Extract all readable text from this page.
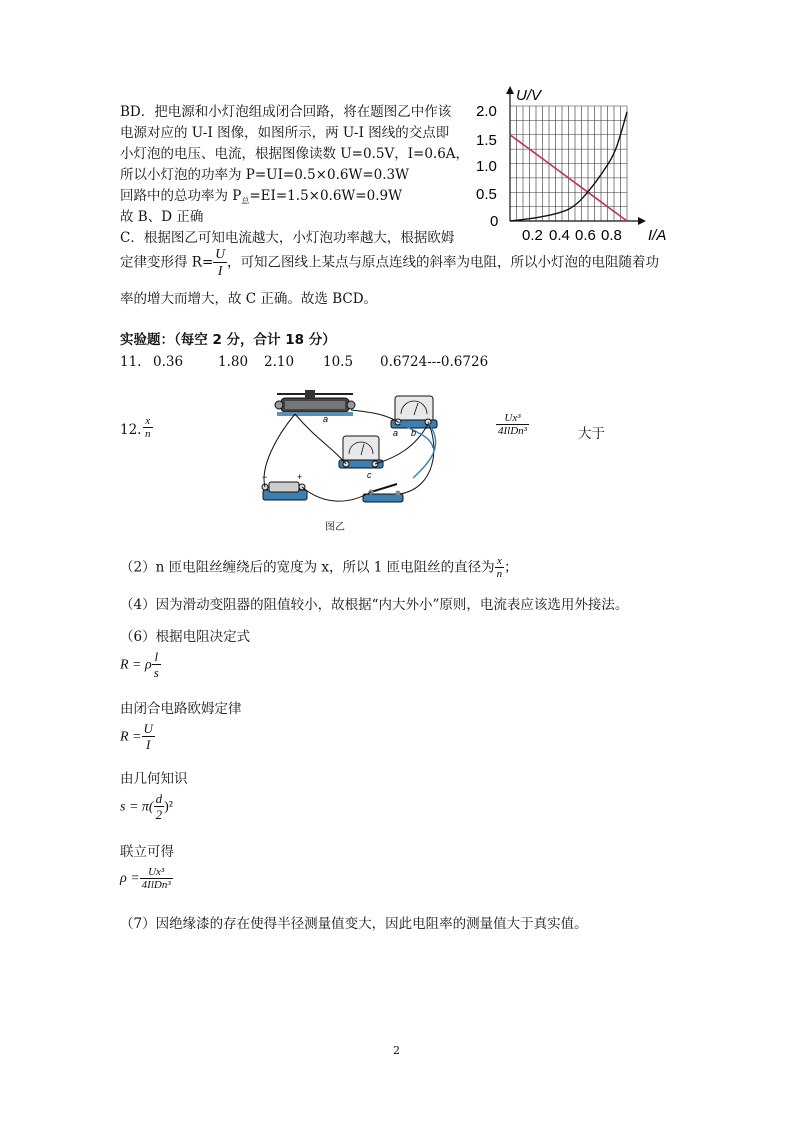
BD．把电源和小灯泡组成闭合回路，将在题图乙中作该
电源对应的 U-I 图像，如图所示，两 U-I 图线的交点即
小灯泡的电压、电流，根据图像读数 U=0.5V，I=0.6A，
所以小灯泡的功率为 P=UI=0.5×0.6W=0.3W
回路中的总功率为 $P_总=EI=1.5\times 0.6W=0.9W$
故 B、D 正确
C．根据图乙可知电流越大，小灯泡功率越大，根据欧姆
定律变形得 $R= \frac{U}{I}$ ，可知乙图线上某点与原点连线的斜率为电阻，所以小灯泡的电阻随着功
率的增大而增大，故 C 正确。故选 BCD。
U/V
I/A
2.0
1.5
1.0
0.5
0
0.2 0.4 0.6 0.8
实验题：（每空 2 分，合计 18 分）
11. 0.36	1.80 2.10 10.5 0.6724---0.6726
12. $\frac{x}{n}$	$\frac{\text{Ux³}}{\text{4IlDn³}}$	大于
a
a b
c
−	+
图乙
（2）n 匝电阻丝缠绕后的宽度为 x，所以 1 匝电阻丝的直径为 $\frac{x}{n}$ ；
（4）因为滑动变阻器的阻值较小，故根据“内大外小”原则，电流表应该选用外接法。
（6）根据电阻决定式
R = ρ $\frac{l}{s}$
由闭合电路欧姆定律
$R = \frac{U}{I}$
由几何知识
$s = \pi( \frac{d}{2} )^2$
联立可得
$\rho = \frac{\text{Ux³}}{\text{4IlDn³}}$
（7）因绝缘漆的存在使得半径测量值变大，因此电阻率的测量值大于真实值。
2
